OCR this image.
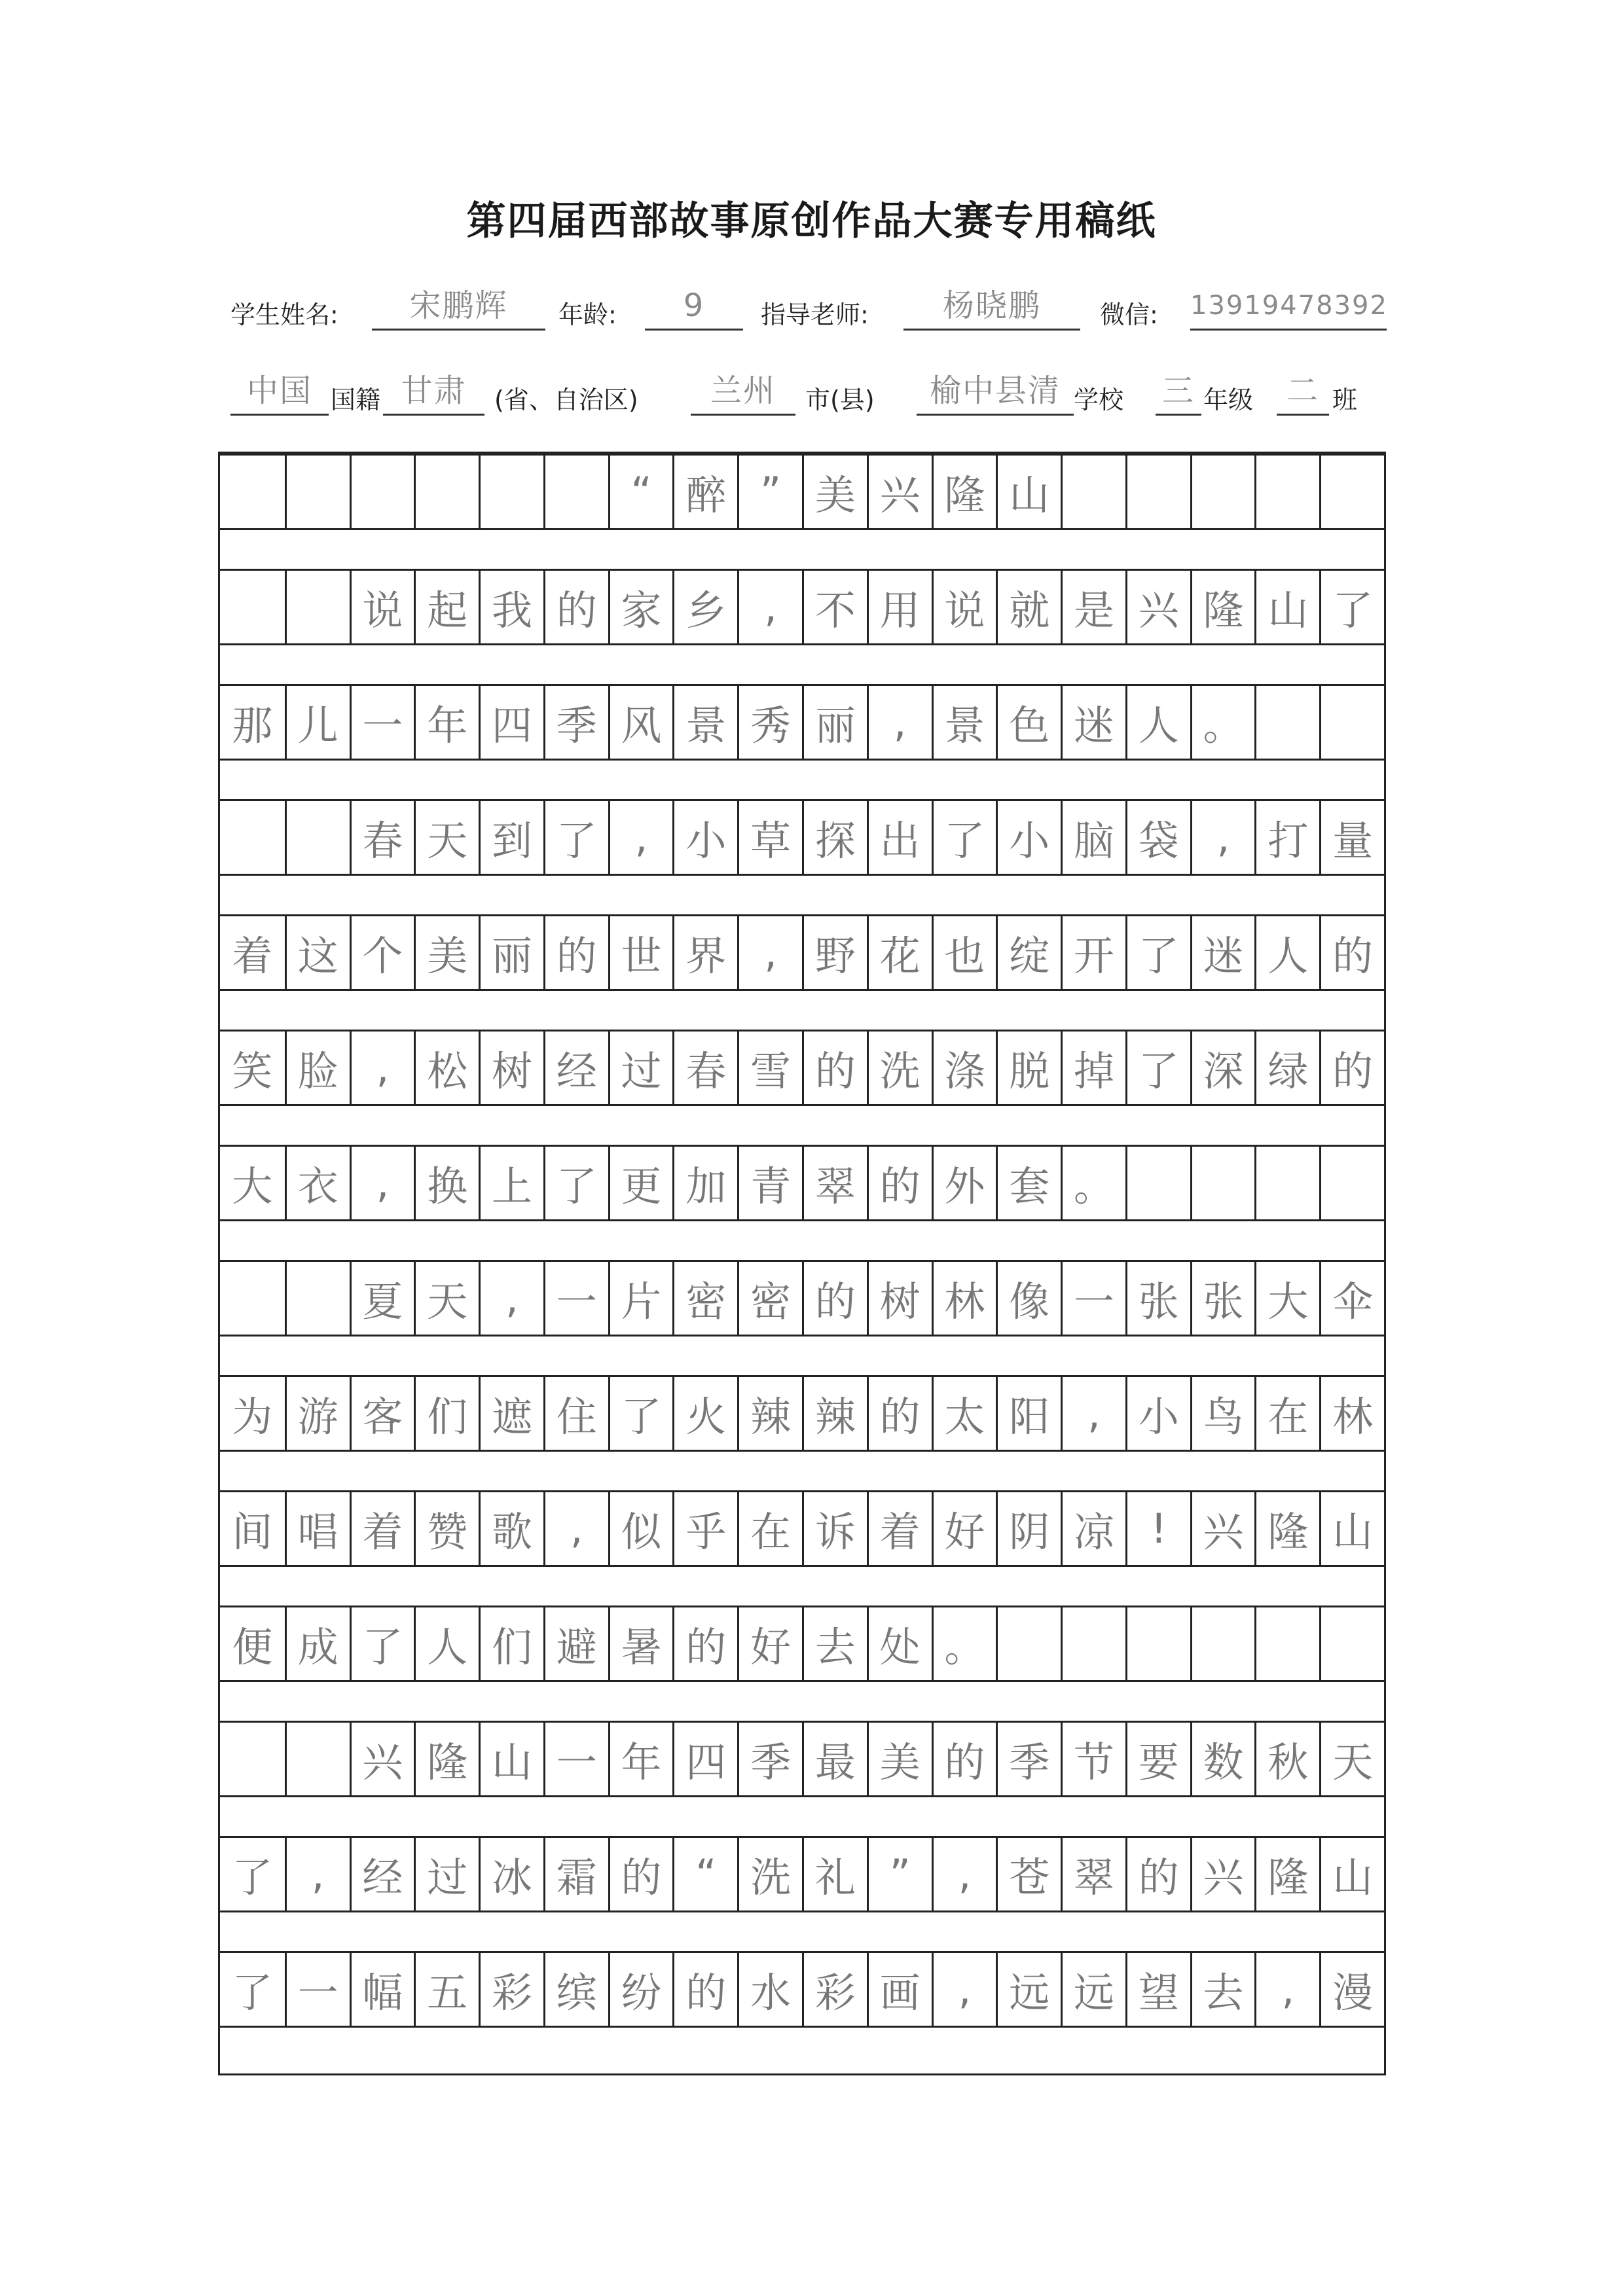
第四届西部故事原创作品大赛专用稿纸
学生姓名:	宋鹏辉	年龄:	9	指导老师:	杨晓鹏	微信: 13919478392
中国 国籍 甘肃	(省、自治区)	兰州	市(县)	榆中县清 学校 三 年级	二 班
“ 醉 ” 美 兴 隆 山
说 起 我 的 家 乡 , 不 用 说 就 是 兴 隆 山 了
那 儿 一 年 四 季 风 景 秀 丽 , 景 色 迷 人 。
春 天 到 了 , 小 草 探 出 了 小 脑 袋 , 打 量
着 这 个 美 丽 的 世 界 , 野 花 也 绽 开 了 迷 人 的
笑 脸 , 松 树 经 过 春 雪 的 洗 涤 脱 掉 了 深 绿 的
大 衣 , 换 上 了 更 加 青 翠 的 外 套 。
夏 天 , 一 片 密 密 的 树 林 像 一 张 张 大 伞
为 游 客 们 遮 住 了 火 辣 辣 的 太 阳 , 小 鸟 在 林
间 唱 着 赞 歌 , 似 乎 在 诉 着 好 阴 凉 ! 兴 隆 山
便 成 了 人 们 避 暑 的 好 去 处 。
兴 隆 山 一 年 四 季 最 美 的 季 节 要 数 秋 天
了 , 经 过 冰 霜 的 “ 洗 礼 ”	, 苍 翠 的 兴 隆 山
了 一 幅 五 彩 缤 纷 的 水 彩 画 , 远 远 望 去 , 漫
